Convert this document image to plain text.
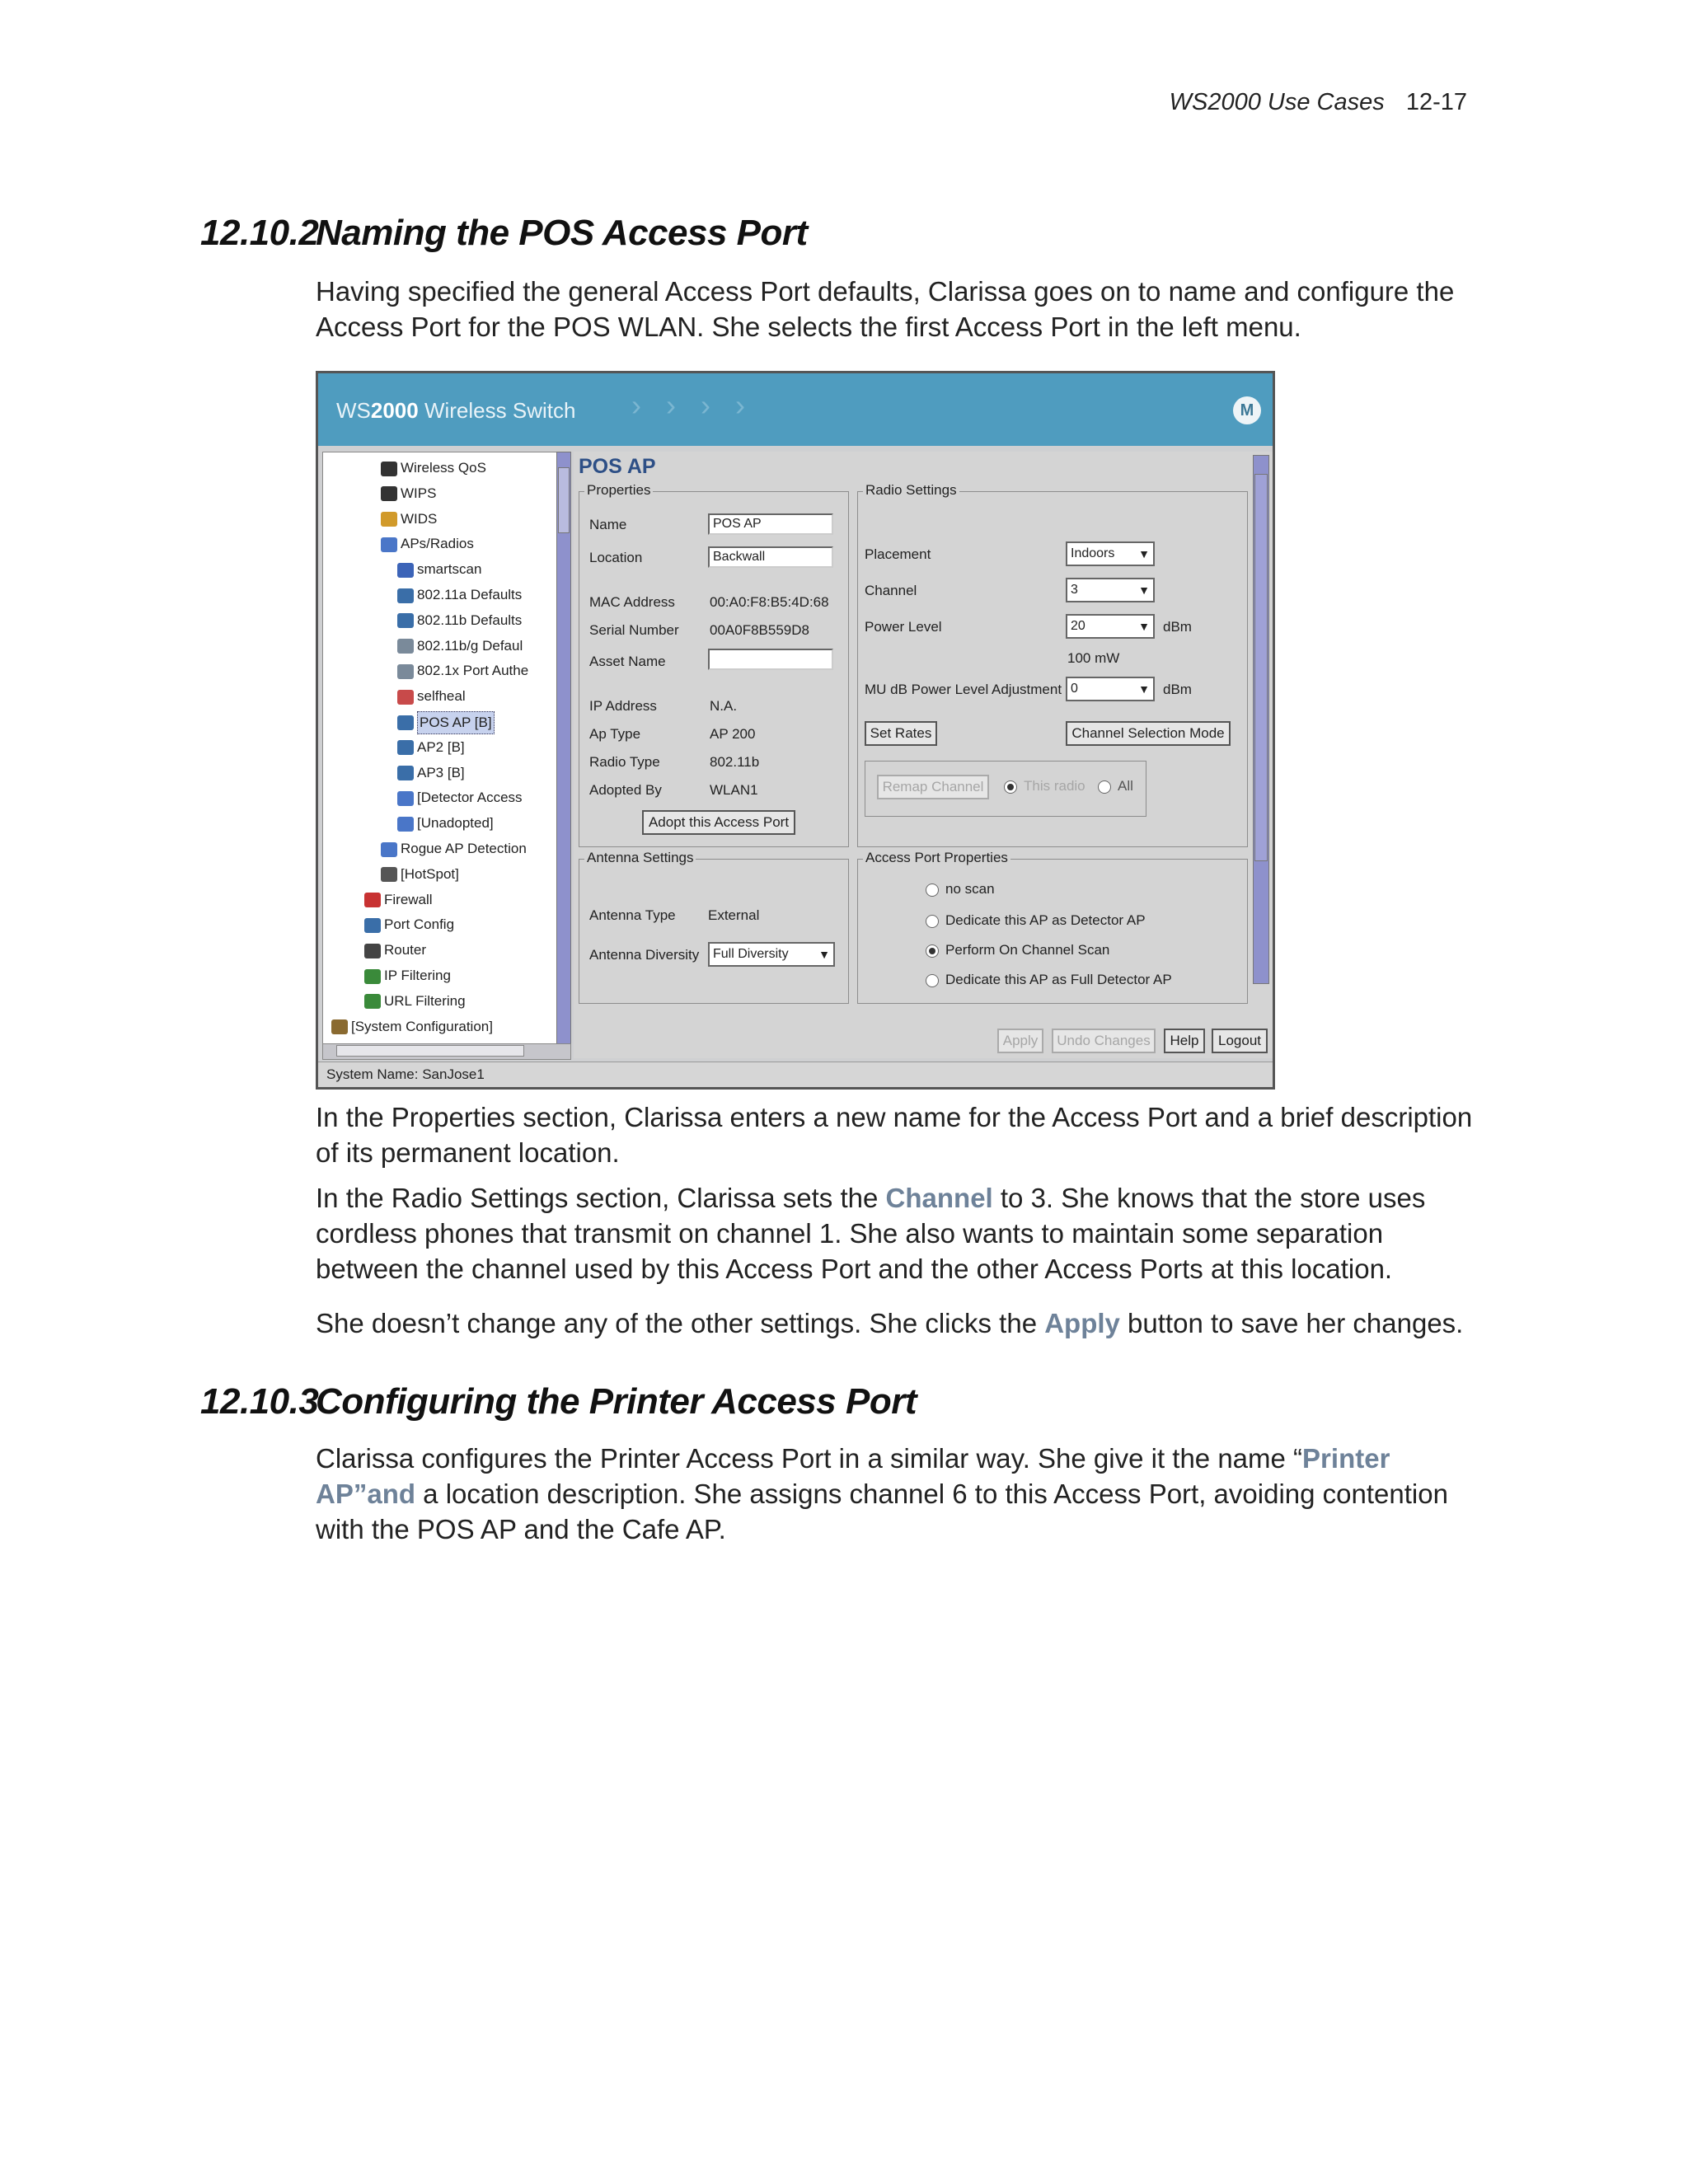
WS2000 Use Cases 12-17
12.10.2Naming the POS Access Port
Having specified the general Access Port defaults, Clarissa goes on to name and configure the Access Port for the POS WLAN. She selects the first Access Port in the left menu.
WS2000 Wireless Switch › › › ›	M
Wireless QoS
WIPS
WIDS
APs/Radios
smartscan
802.11a Defaults
802.11b Defaults
802.11b/g Defaul
802.1x Port Authe
selfheal
POS AP [B]
AP2 [B]
AP3 [B]
[Detector Access
[Unadopted]
Rogue AP Detection
[HotSpot]
Firewall
Port Config
Router
IP Filtering
URL Filtering
[System Configuration]
POS AP
Properties
Name	POS AP
Location	Backwall
MAC Address 00:A0:F8:B5:4D:68
Serial Number 00A0F8B559D8
Asset Name
IP Address	N.A.
Ap Type	AP 200
Radio Type	802.11b
Adopted By	WLAN1
Adopt this Access Port
Radio Settings
Placement	Indoors ▼
Channel	3	▼
Power Level	20	▼ dBm
100 mW
MU dB Power Level Adjustment 0	▼ dBm
Set Rates	Channel Selection Mode
Remap Channel	This radio	All
Antenna Settings
Antenna Type External
Antenna Diversity	Full Diversity	▼
Access Port Properties
no scan
Dedicate this AP as Detector AP
Perform On Channel Scan
Dedicate this AP as Full Detector AP
Apply	Undo Changes	Help	Logout
System Name: SanJose1
In the Properties section, Clarissa enters a new name for the Access Port and a brief description of its permanent location.
In the Radio Settings section, Clarissa sets the Channel to 3. She knows that the store uses cordless phones that transmit on channel 1. She also wants to maintain some separation between the channel used by this Access Port and the other Access Ports at this location.
She doesn’t change any of the other settings. She clicks the Apply button to save her changes.
12.10.3Configuring the Printer Access Port
Clarissa configures the Printer Access Port in a similar way. She give it the name “Printer AP”and a location description. She assigns channel 6 to this Access Port, avoiding contention with the POS AP and the Cafe AP.
